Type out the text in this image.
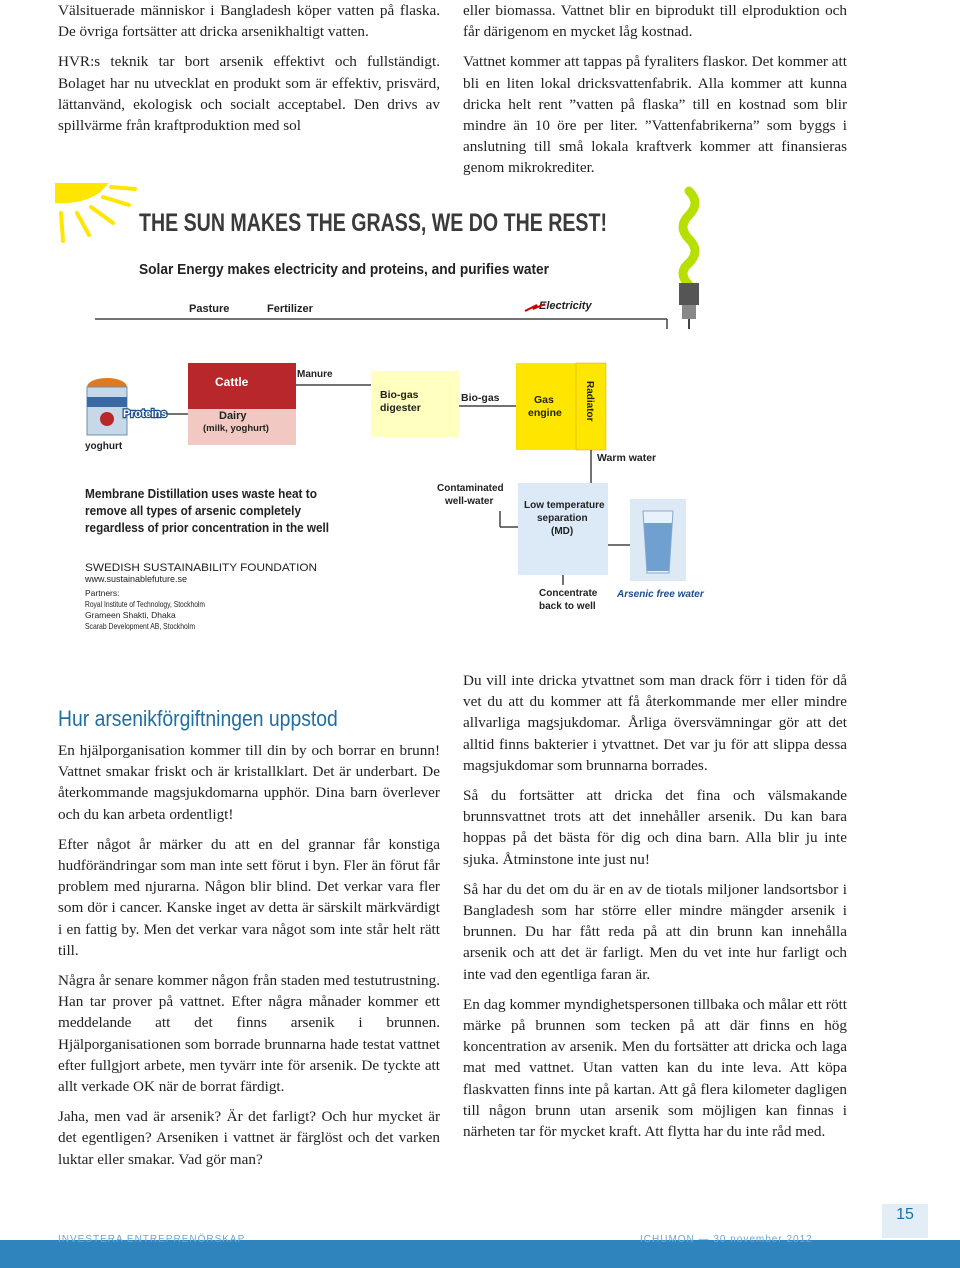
Välsituerade människor i Bangladesh köper vatten på flaska. De övriga fortsätter att dricka arsenikhaltigt vatten.

HVR:s teknik tar bort arsenik effektivt och fullständigt. Bolaget har nu utvecklat en produkt som är effektiv, prisvärd, lättanvänd, ekologisk och socialt acceptabel. Den drivs av spillvärme från kraftproduktion med sol

eller biomassa. Vattnet blir en biprodukt till elproduktion och får därigenom en mycket låg kostnad.

Vattnet kommer att tappas på fyraliters flaskor. Det kommer att bli en liten lokal dricksvattenfabrik. Alla kommer att kunna dricka helt rent ”vatten på flaska” till en kostnad som blir mindre än 10 öre per liter. ”Vattenfabrikerna” som byggs i anslutning till små lokala kraftverk kommer att finansieras genom mikrokrediter.

THE SUN MAKES THE GRASS, WE DO THE REST!
Solar Energy makes electricity and proteins, and purifies water
Pasture	Fertilizer	Electricity
Cattle
Dairy
(milk, yoghurt)
Proteins
yoghurt
Manure
Bio-gas
digester
Bio-gas	Gas
engine Radiator
Warm water
Membrane Distillation uses waste heat to
remove all types of arsenic completely
regardless of prior concentration in the well
Contaminated
well-water	Low temperature
separation
(MD)
SWEDISH SUSTAINABILITY FOUNDATION
www.sustainablefuture.se
Partners:
Royal Institute of Technology, Stockholm
Grameen Shakti, Dhaka
Scarab Development AB, Stockholm
Concentrate
back to well
Arsenic free water
Hur arsenikförgiftningen uppstod

En hjälporganisation kommer till din by och borrar en brunn! Vattnet smakar friskt och är kristallklart. Det är underbart. De återkommande magsjukdomarna upphör. Dina barn överlever och du kan arbeta ordentligt!

Efter något år märker du att en del grannar får konstiga hudförändringar som man inte sett förut i byn. Fler än förut får problem med njurarna. Någon blir blind. Det verkar vara fler som dör i cancer. Kanske inget av detta är särskilt märkvärdigt i en fattig by. Men det verkar vara något som inte står helt rätt till.

Några år senare kommer någon från staden med testutrustning. Han tar prover på vattnet. Efter några månader kommer ett meddelande att det finns arsenik i brunnen. Hjälporganisationen som borrade brunnarna hade testat vattnet efter fullgjort arbete, men tyvärr inte för arsenik. De tyckte att allt verkade OK när de borrat färdigt.

Jaha, men vad är arsenik? Är det farligt? Och hur mycket är det egentligen? Arseniken i vattnet är färglöst och det varken luktar eller smakar. Vad gör man?

Du vill inte dricka ytvattnet som man drack förr i tiden för då vet du att du kommer att få återkommande mer eller mindre allvarliga magsjukdomar. Årliga översvämningar gör att det alltid finns bakterier i ytvattnet. Det var ju för att slippa dessa magsjukdomar som brunnarna borrades.

Så du fortsätter att dricka det fina och välsmakande brunnsvattnet trots att det innehåller arsenik. Du kan bara hoppas på det bästa för dig och dina barn. Alla blir ju inte sjuka. Åtminstone inte just nu!

Så har du det om du är en av de tiotals miljoner landsortsbor i Bangladesh som har större eller mindre mängder arsenik i brunnen. Du har fått reda på att din brunn kan innehålla arsenik och att det är farligt. Men du vet inte hur farligt och inte vad den egentliga faran är.

En dag kommer myndighetspersonen tillbaka och målar ett rött märke på brunnen som tecken på att där finns en hög koncentration av arsenik. Men du fortsätter att dricka och laga mat med vattnet. Utan vatten kan du inte leva. Att köpa flaskvatten finns inte på kartan. Att gå flera kilometer dagligen till någon brunn utan arsenik som möjligen kan finnas i närheten tar för mycket kraft. Att flytta har du inte råd med.

15
INVESTERA ENTREPRENÖRSKAP	ICHUMON — 30 november 2012
